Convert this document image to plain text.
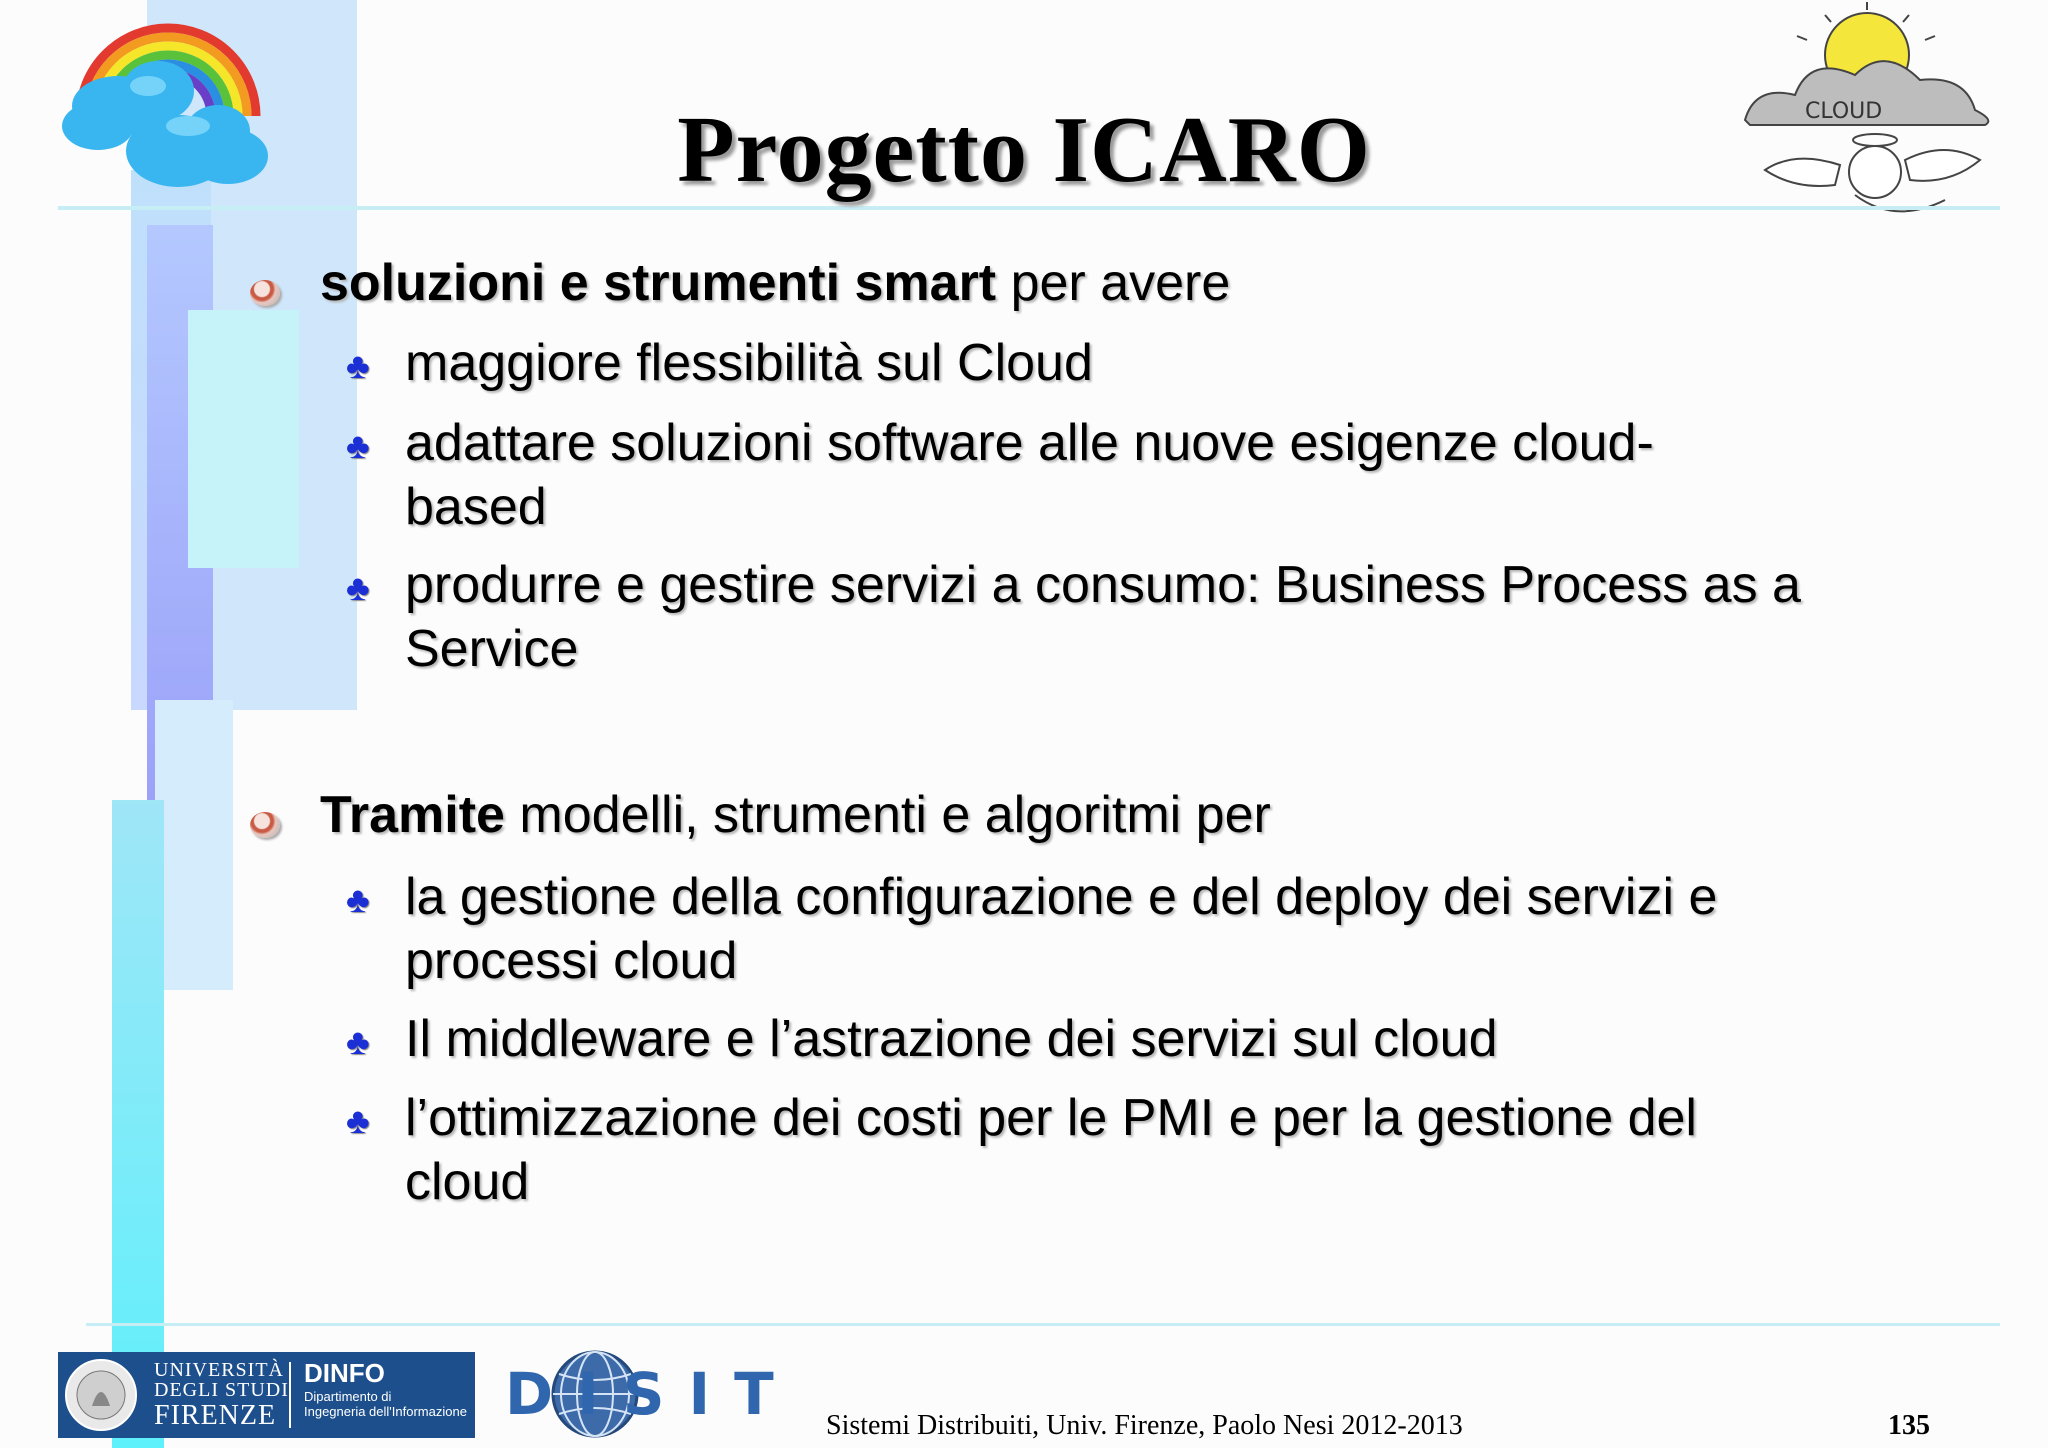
CLOUD
Progetto ICARO
soluzioni e strumenti smart per avere
♣ maggiore flessibilità sul Cloud
♣ adattare soluzioni software alle nuove esigenze cloud-based
♣ produrre e gestire servizi a consumo: Business Process as a Service
Tramite modelli, strumenti e algoritmi per
♣ la gestione della configurazione e del deploy dei servizi e processi cloud
♣ Il middleware e l’astrazione dei servizi sul cloud
♣ l’ottimizzazione dei costi per le PMI e per la gestione del cloud
UNIVERSITÀ
DEGLI STUDI
FIRENZE
DINFO
Dipartimento di
Ingegneria dell'Informazione DISIT Sistemi Distribuiti, Univ. Firenze, Paolo Nesi 2012-2013	135
